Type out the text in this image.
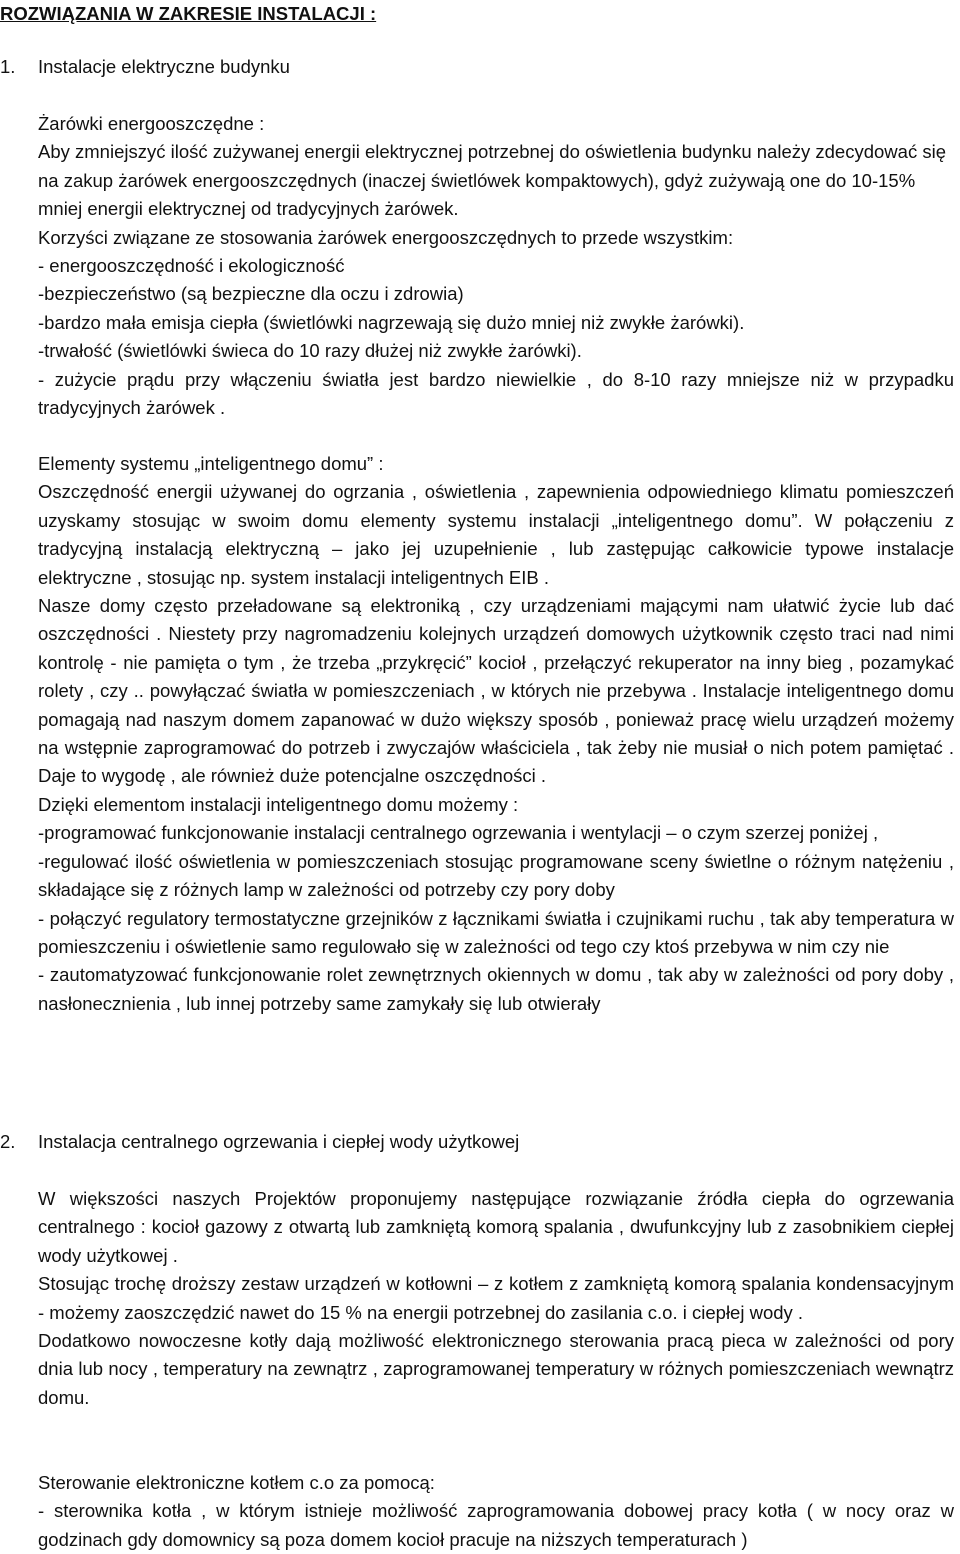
ROZWIĄZANIA W ZAKRESIE INSTALACJI :
1. Instalacje elektryczne budynku

Żarówki energooszczędne :

Aby zmniejszyć ilość zużywanej energii elektrycznej potrzebnej do oświetlenia budynku należy zdecydować się na zakup żarówek energooszczędnych (inaczej świetlówek kompaktowych), gdyż zużywają one do 10-15% mniej energii elektrycznej od tradycyjnych żarówek.

Korzyści związane ze stosowania żarówek energooszczędnych to przede wszystkim:

- energooszczędność i ekologiczność

-bezpieczeństwo (są bezpieczne dla oczu i zdrowia)

-bardzo mała emisja ciepła (świetlówki nagrzewają się dużo mniej niż zwykłe żarówki).

-trwałość (świetlówki świeca do 10 razy dłużej niż zwykłe żarówki).

- zużycie prądu przy włączeniu światła jest bardzo niewielkie , do 8-10 razy mniejsze niż w przypadku tradycyjnych żarówek .

Elementy systemu „inteligentnego domu” :

Oszczędność energii używanej do ogrzania , oświetlenia , zapewnienia odpowiedniego klimatu pomieszczeń uzyskamy stosując w swoim domu elementy systemu instalacji „inteligentnego domu”. W połączeniu z tradycyjną instalacją elektryczną – jako jej uzupełnienie , lub zastępując całkowicie typowe instalacje elektryczne , stosując np. system instalacji inteligentnych EIB .

Nasze domy często przeładowane są elektroniką , czy urządzeniami mającymi nam ułatwić życie lub dać oszczędności . Niestety przy nagromadzeniu kolejnych urządzeń domowych użytkownik często traci nad nimi kontrolę - nie pamięta o tym , że trzeba „przykręcić” kocioł , przełączyć rekuperator na inny bieg , pozamykać rolety , czy .. powyłączać światła w pomieszczeniach , w których nie przebywa . Instalacje inteligentnego domu pomagają nad naszym domem zapanować w dużo większy sposób , ponieważ pracę wielu urządzeń możemy na wstępnie zaprogramować do potrzeb i zwyczajów właściciela , tak żeby nie musiał o nich potem pamiętać . Daje to wygodę , ale również duże potencjalne oszczędności .

Dzięki elementom instalacji inteligentnego domu możemy :

-programować funkcjonowanie instalacji centralnego ogrzewania i wentylacji – o czym szerzej poniżej ,

-regulować ilość oświetlenia w pomieszczeniach stosując programowane sceny świetlne o różnym natężeniu , składające się z różnych lamp w zależności od potrzeby czy pory doby

- połączyć regulatory termostatyczne grzejników z łącznikami światła i czujnikami ruchu , tak aby temperatura w pomieszczeniu i oświetlenie samo regulowało się w zależności od tego czy ktoś przebywa w nim czy nie

- zautomatyzować funkcjonowanie rolet zewnętrznych okiennych w domu , tak aby w zależności od pory doby , nasłonecznienia , lub innej potrzeby same zamykały się lub otwierały

2. Instalacja centralnego ogrzewania i ciepłej wody użytkowej

W większości naszych Projektów proponujemy następujące rozwiązanie źródła ciepła do ogrzewania centralnego : kocioł gazowy z otwartą lub zamkniętą komorą spalania , dwufunkcyjny lub z zasobnikiem ciepłej wody użytkowej .

Stosując trochę droższy zestaw urządzeń w kotłowni – z kotłem z zamkniętą komorą spalania kondensacyjnym - możemy zaoszczędzić nawet do 15 % na energii potrzebnej do zasilania c.o. i ciepłej wody .

Dodatkowo nowoczesne kotły dają możliwość elektronicznego sterowania pracą pieca w zależności od pory dnia lub nocy , temperatury na zewnątrz , zaprogramowanej temperatury w różnych pomieszczeniach wewnątrz domu.

Sterowanie elektroniczne kotłem c.o za pomocą:

- sterownika kotła , w którym istnieje możliwość zaprogramowania dobowej pracy kotła ( w nocy oraz w godzinach gdy domownicy są poza domem kocioł pracuje na niższych temperaturach )
